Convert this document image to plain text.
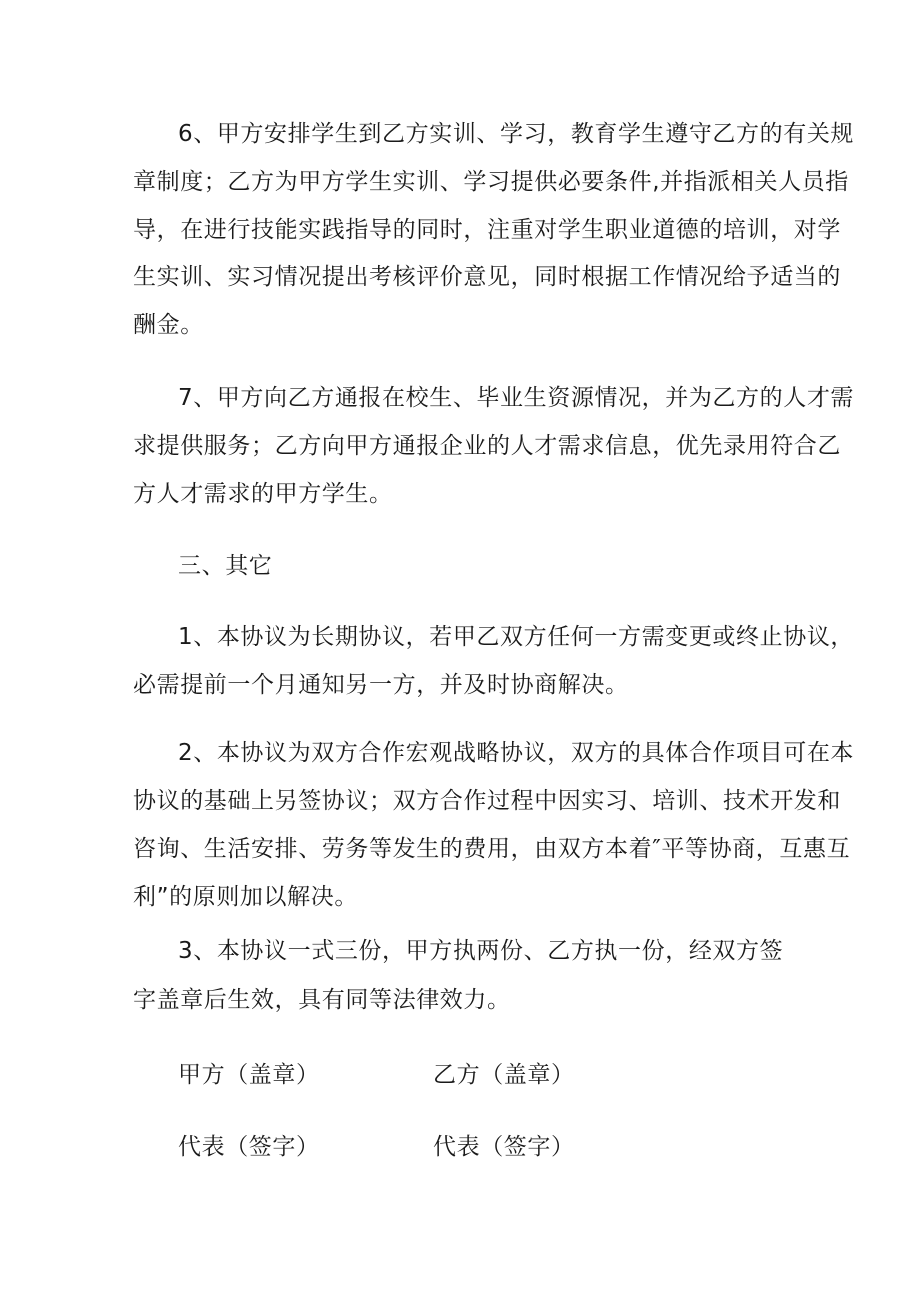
6、甲方安排学生到乙方实训、学习，教育学生遵守乙方的有关规
章制度；乙方为甲方学生实训、学习提供必要条件,并指派相关人员指
导，在进行技能实践指导的同时，注重对学生职业道德的培训，对学
生实训、实习情况提出考核评价意见，同时根据工作情况给予适当的
酬金。
7、甲方向乙方通报在校生、毕业生资源情况，并为乙方的人才需
求提供服务；乙方向甲方通报企业的人才需求信息，优先录用符合乙
方人才需求的甲方学生。
三、其它
1、本协议为长期协议，若甲乙双方任何一方需变更或终止协议，
必需提前一个月通知另一方，并及时协商解决。
2、本协议为双方合作宏观战略协议，双方的具体合作项目可在本
协议的基础上另签协议；双方合作过程中因实习、培训、技术开发和
咨询、生活安排、劳务等发生的费用，由双方本着″平等协商，互惠互
利”的原则加以解决。
3、本协议一式三份，甲方执两份、乙方执一份，经双方签
字盖章后生效，具有同等法律效力。
甲方（盖章）	乙方（盖章）
代表（签字）	代表（签字）
